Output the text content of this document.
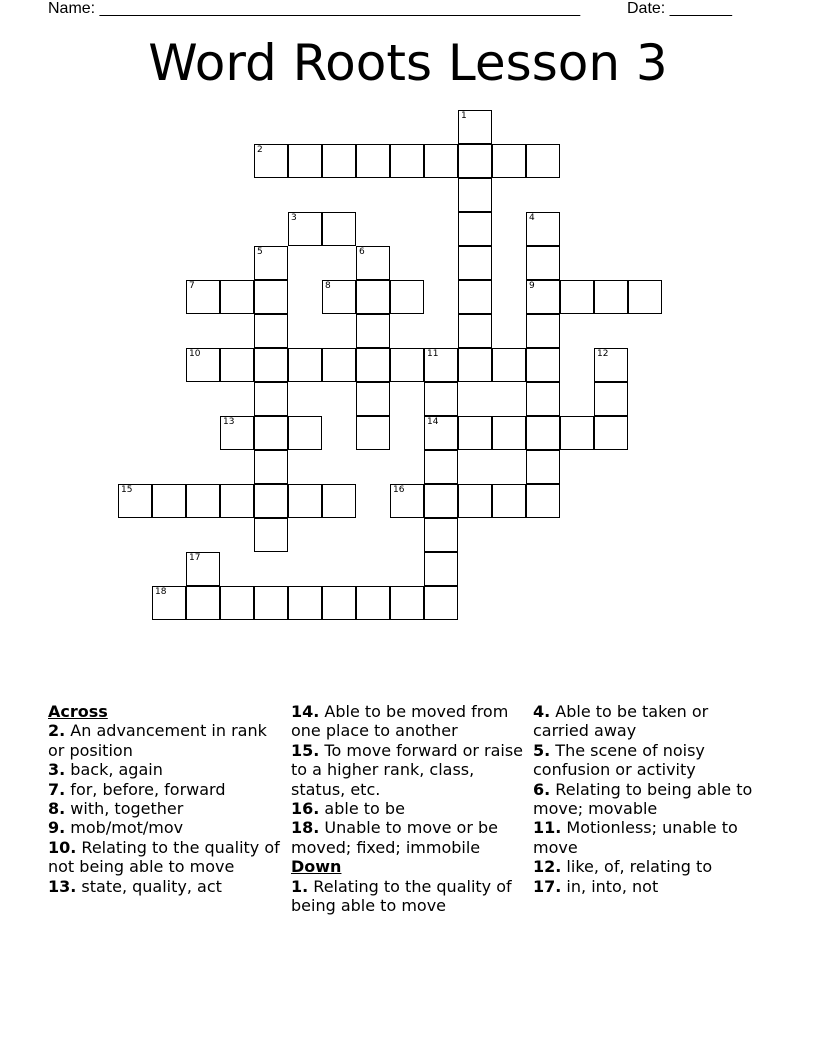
Name: ______________________________________________________	Date: _______
Word Roots Lesson 3
1
2
3	4
5	6
7	8	9
10	11	12
13	14
15	16
17
18

Across

2. An advancement in rank or position

3. back, again

7. for, before, forward

8. with, together

9. mob/mot/mov

10. Relating to the quality of not being able to move

13. state, quality, act

14. Able to be moved from one place to another

15. To move forward or raise to a higher rank, class, status, etc.

16. able to be

18. Unable to move or be moved; fixed; immobile

Down

1. Relating to the quality of being able to move

4. Able to be taken or carried away

5. The scene of noisy confusion or activity

6. Relating to being able to move; movable

11. Motionless; unable to move

12. like, of, relating to

17. in, into, not
